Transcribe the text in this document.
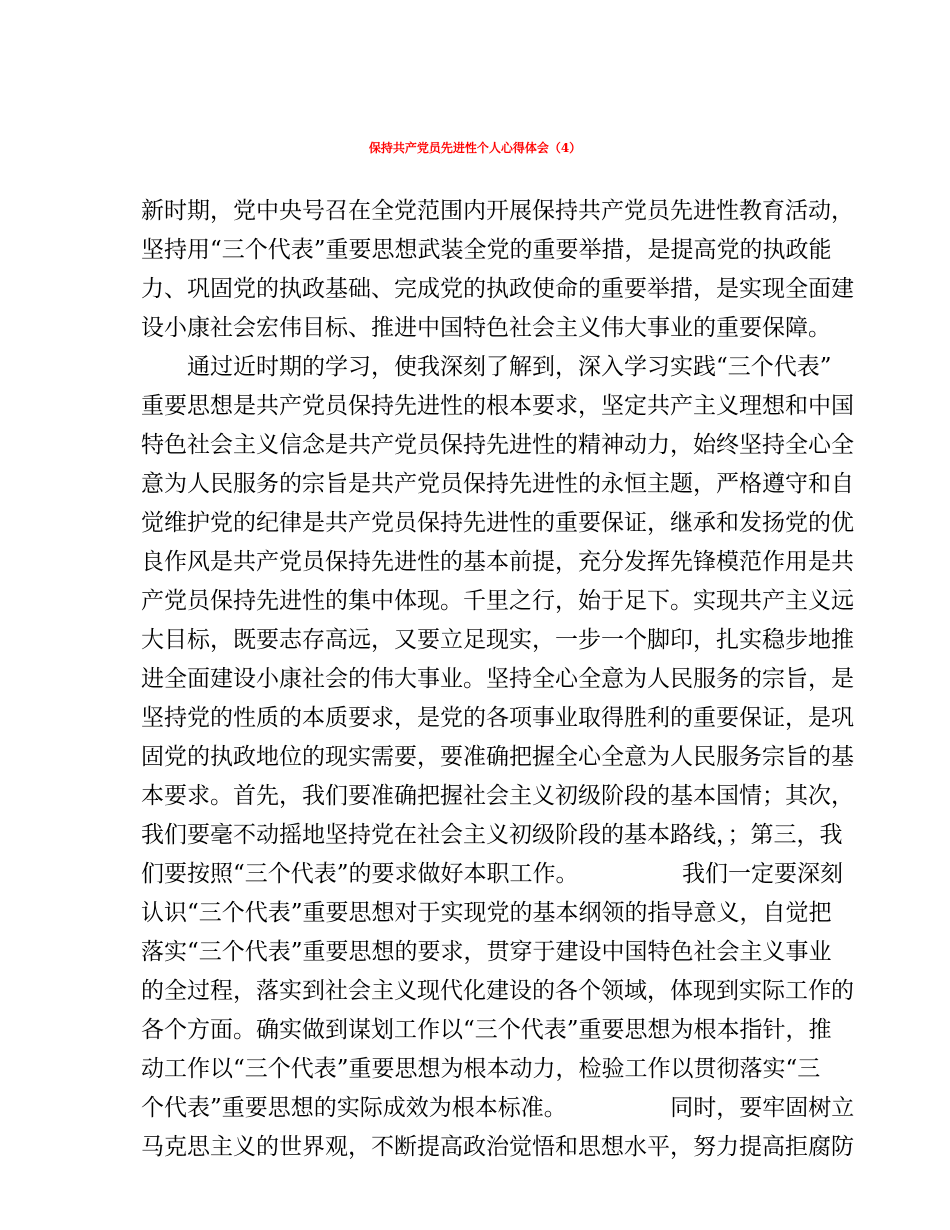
保持共产党员先进性个人心得体会（4）
新时期，党中央号召在全党范围内开展保持共产党员先进性教育活动，
坚持用“三个代表”重要思想武装全党的重要举措，是提高党的执政能
力、巩固党的执政基础、完成党的执政使命的重要举措，是实现全面建
设小康社会宏伟目标、推进中国特色社会主义伟大事业的重要保障。
　　通过近时期的学习，使我深刻了解到，深入学习实践“三个代表”
重要思想是共产党员保持先进性的根本要求，坚定共产主义理想和中国
特色社会主义信念是共产党员保持先进性的精神动力，始终坚持全心全
意为人民服务的宗旨是共产党员保持先进性的永恒主题，严格遵守和自
觉维护党的纪律是共产党员保持先进性的重要保证，继承和发扬党的优
良作风是共产党员保持先进性的基本前提，充分发挥先锋模范作用是共
产党员保持先进性的集中体现。千里之行，始于足下。实现共产主义远
大目标，既要志存高远，又要立足现实，一步一个脚印，扎实稳步地推
进全面建设小康社会的伟大事业。坚持全心全意为人民服务的宗旨，是
坚持党的性质的本质要求，是党的各项事业取得胜利的重要保证，是巩
固党的执政地位的现实需要，要准确把握全心全意为人民服务宗旨的基
本要求。首先，我们要准确把握社会主义初级阶段的基本国情；其次，
我们要毫不动摇地坚持党在社会主义初级阶段的基本路线，；第三，我
们要按照“三个代表”的要求做好本职工作。　　　　　我们一定要深刻
认识“三个代表”重要思想对于实现党的基本纲领的指导意义，自觉把
落实“三个代表”重要思想的要求，贯穿于建设中国特色社会主义事业
的全过程，落实到社会主义现代化建设的各个领域，体现到实际工作的
各个方面。确实做到谋划工作以“三个代表”重要思想为根本指针，推
动工作以“三个代表”重要思想为根本动力，检验工作以贯彻落实“三
个代表”重要思想的实际成效为根本标准。　　　　　同时，要牢固树立
马克思主义的世界观，不断提高政治觉悟和思想水平，努力提高拒腐防
